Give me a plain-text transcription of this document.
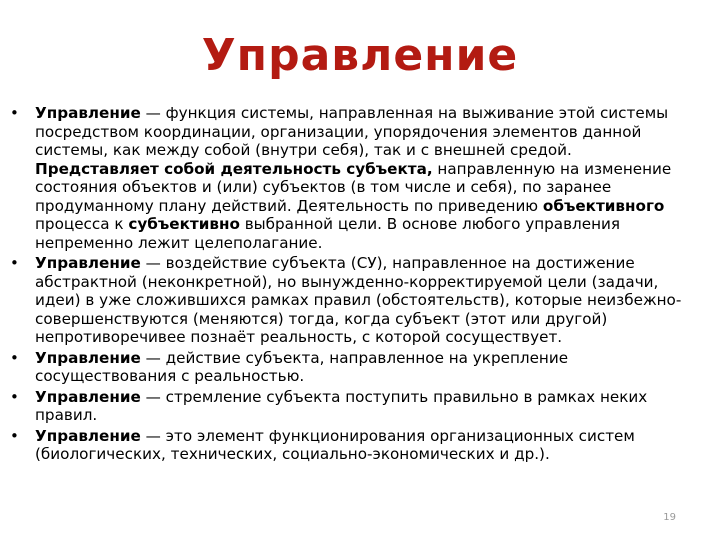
Управление
• Управление — функция системы, направленная на выживание этой системы посредством координации, организации, упорядочения элементов данной системы, как между собой (внутри себя), так и с внешней средой. Представляет собой деятельность субъекта, направленную на изменение состояния объектов и (или) субъектов (в том числе и себя), по заранее продуманному плану действий. Деятельность по приведению объективного процесса к субъективно выбранной цели. В основе любого управления непременно лежит целеполагание.
• Управление — воздействие субъекта (СУ), направленное на достижение абстрактной (неконкретной), но вынужденно-корректируемой цели (задачи, идеи) в уже сложившихся рамках правил (обстоятельств), которые неизбежно-совершенствуются (меняются) тогда, когда субъект (этот или другой) непротиворечивее познаёт реальность, с которой сосуществует.
• Управление — действие субъекта, направленное на укрепление сосуществования с реальностью.
• Управление — стремление субъекта поступить правильно в рамках неких правил.
• Управление — это элемент функционирования организационных систем (биологических, технических, социально-экономических и др.).
19
